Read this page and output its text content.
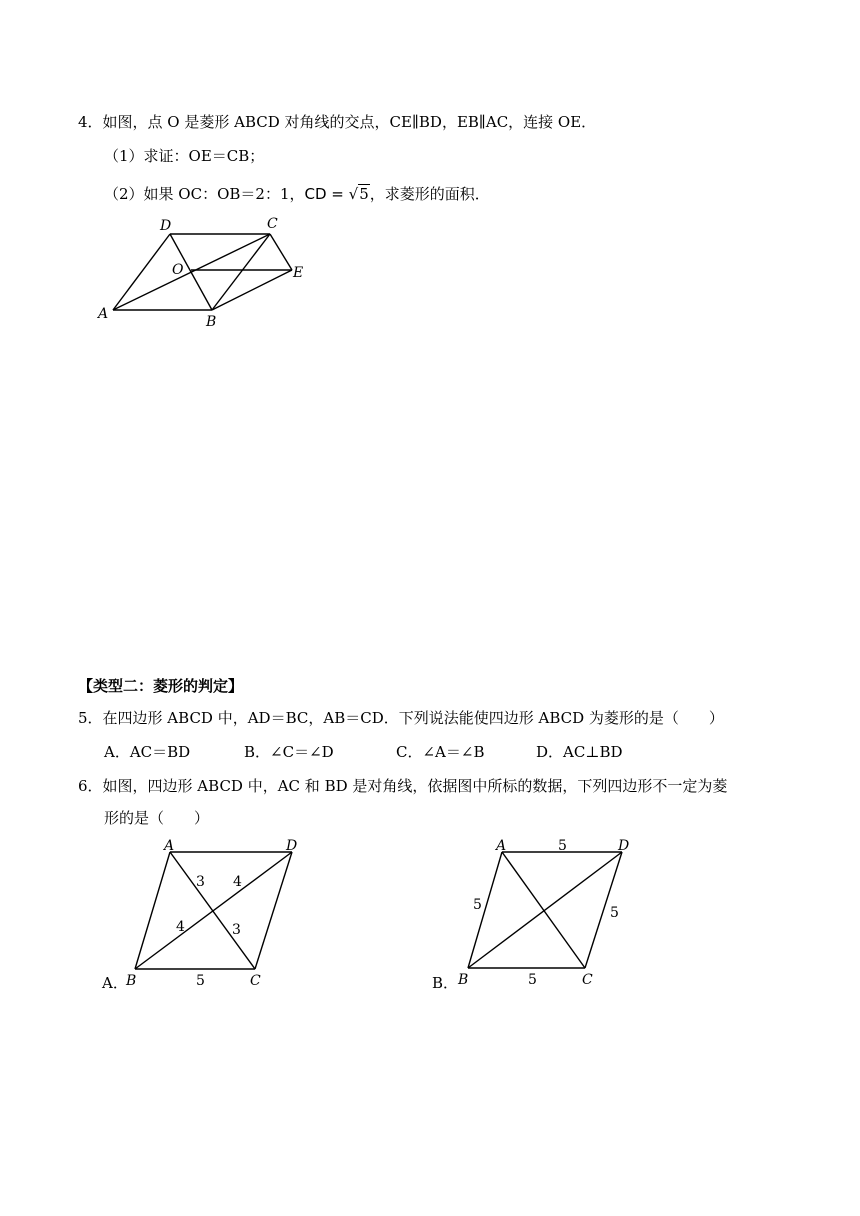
4．如图，点 O 是菱形 ABCD 对角线的交点，CE∥BD，EB∥AC，连接 OE．
（1）求证：OE＝CB；
（2）如果 OC：OB＝2：1，CD = √5，求菱形的面积．
D	C
O	E
A	B
【类型二：菱形的判定】
5．在四边形 ABCD 中，AD＝BC，AB＝CD．下列说法能使四边形 ABCD 为菱形的是（　　）
A．AC＝BD	B．∠C＝∠D	C．∠A＝∠B	D．AC⊥BD
6．如图，四边形 ABCD 中，AC 和 BD 是对角线，依据图中所标的数据，下列四边形不一定为菱
形的是（　　）
A．
A	D
B	C
3 4
4	3
5	B．
A	D
B	C
5
5	5
5
